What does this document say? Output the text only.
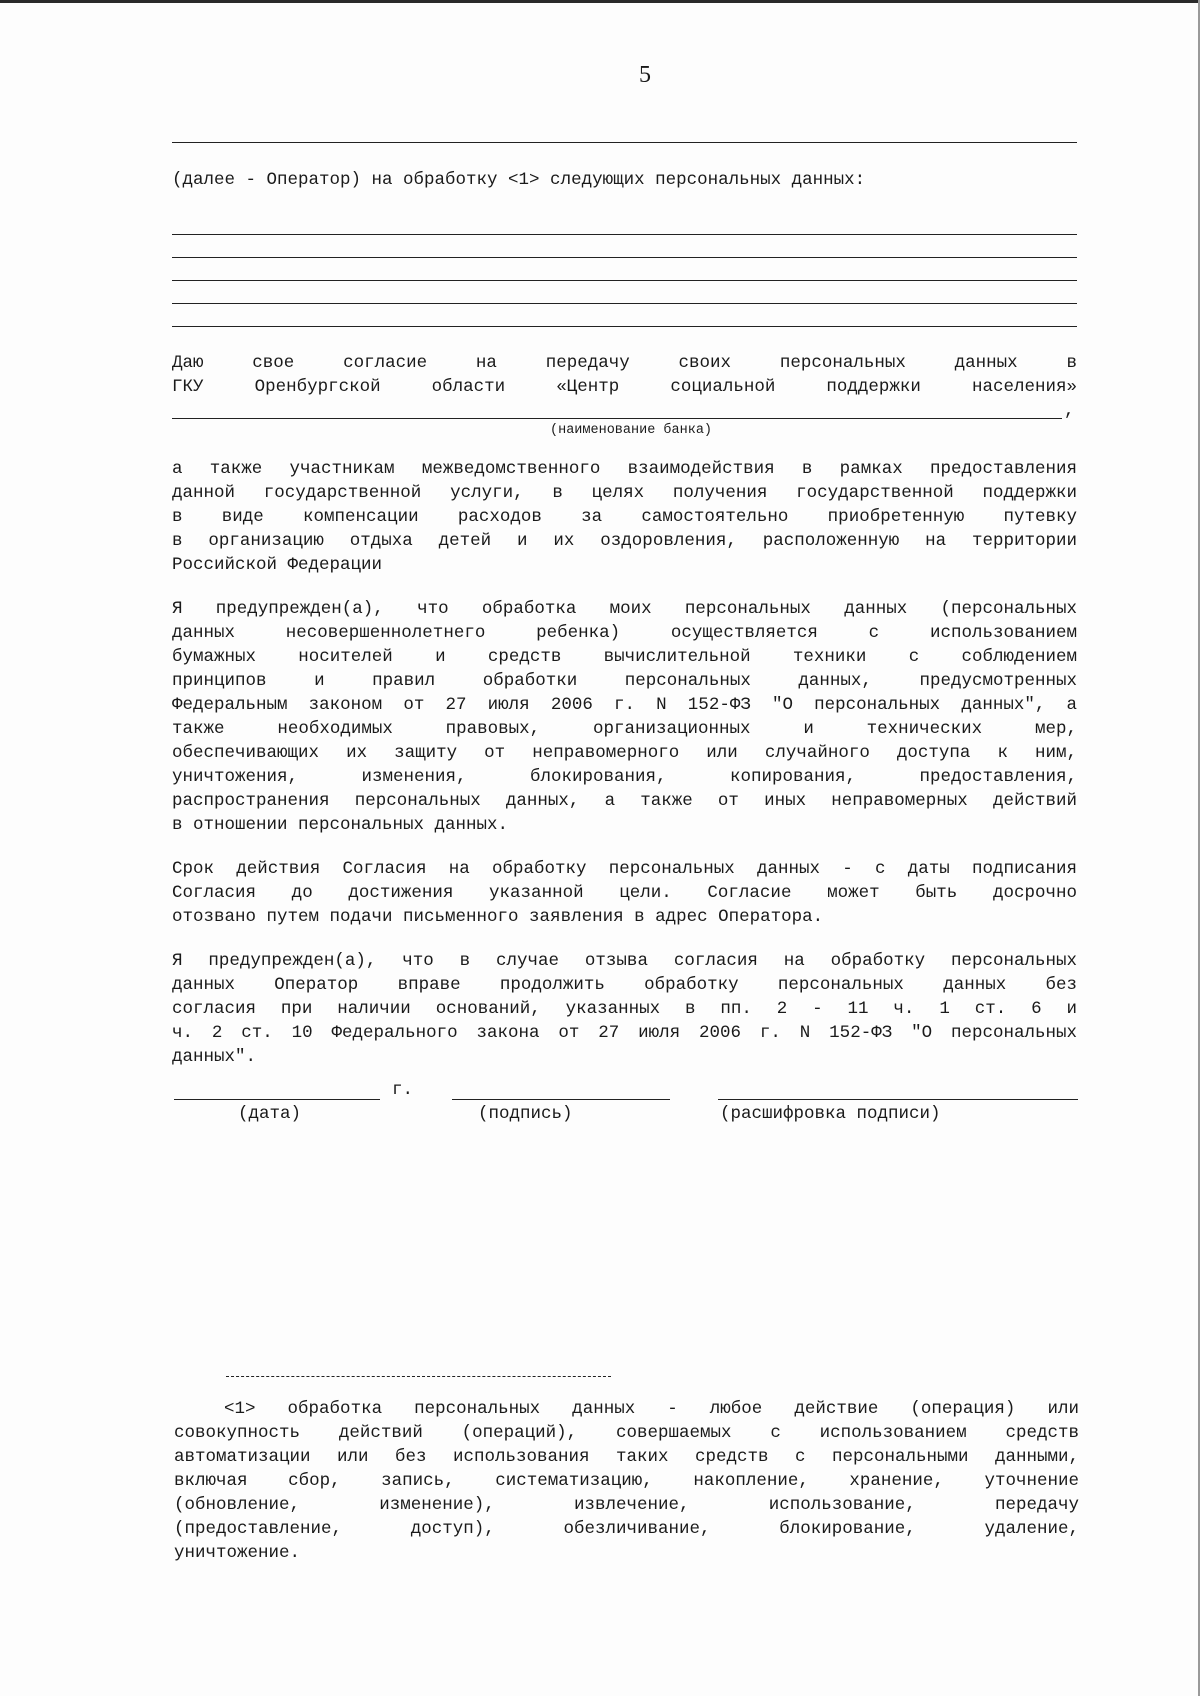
5
(далее - Оператор) на обработку <1> следующих персональных данных:
Даю свое согласие на передачу своих персональных данных в
ГКУ Оренбургской области «Центр социальной поддержки населения»
,
(наименование банка)
а также участникам межведомственного взаимодействия в рамках предоставления
данной государственной услуги, в целях получения государственной поддержки
в виде компенсации расходов за самостоятельно приобретенную путевку
в организацию отдыха детей и их оздоровления, расположенную на территории
Российской Федерации
Я предупрежден(а), что обработка моих персональных данных (персональных
данных несовершеннолетнего ребенка) осуществляется с использованием
бумажных носителей и средств вычислительной техники с соблюдением
принципов и правил обработки персональных данных, предусмотренных
Федеральным законом от 27 июля 2006 г. N 152-ФЗ "О персональных данных", а
также необходимых правовых, организационных и технических мер,
обеспечивающих их защиту от неправомерного или случайного доступа к ним,
уничтожения, изменения, блокирования, копирования, предоставления,
распространения персональных данных, а также от иных неправомерных действий
в отношении персональных данных.
Срок действия Согласия на обработку персональных данных - с даты подписания
Согласия до достижения указанной цели. Согласие может быть досрочно
отозвано путем подачи письменного заявления в адрес Оператора.
Я предупрежден(а), что в случае отзыва согласия на обработку персональных
данных Оператор вправе продолжить обработку персональных данных без
согласия при наличии оснований, указанных в пп. 2 - 11 ч. 1 ст. 6 и
ч. 2 ст. 10 Федерального закона от 27 июля 2006 г. N 152-ФЗ "О персональных
данных".
г.
(дата)	(подпись)	(расшифровка подписи)
<1> обработка персональных данных - любое действие (операция) или
совокупность действий (операций), совершаемых с использованием средств
автоматизации или без использования таких средств с персональными данными,
включая сбор, запись, систематизацию, накопление, хранение, уточнение
(обновление, изменение), извлечение, использование, передачу
(предоставление, доступ), обезличивание, блокирование, удаление,
уничтожение.
